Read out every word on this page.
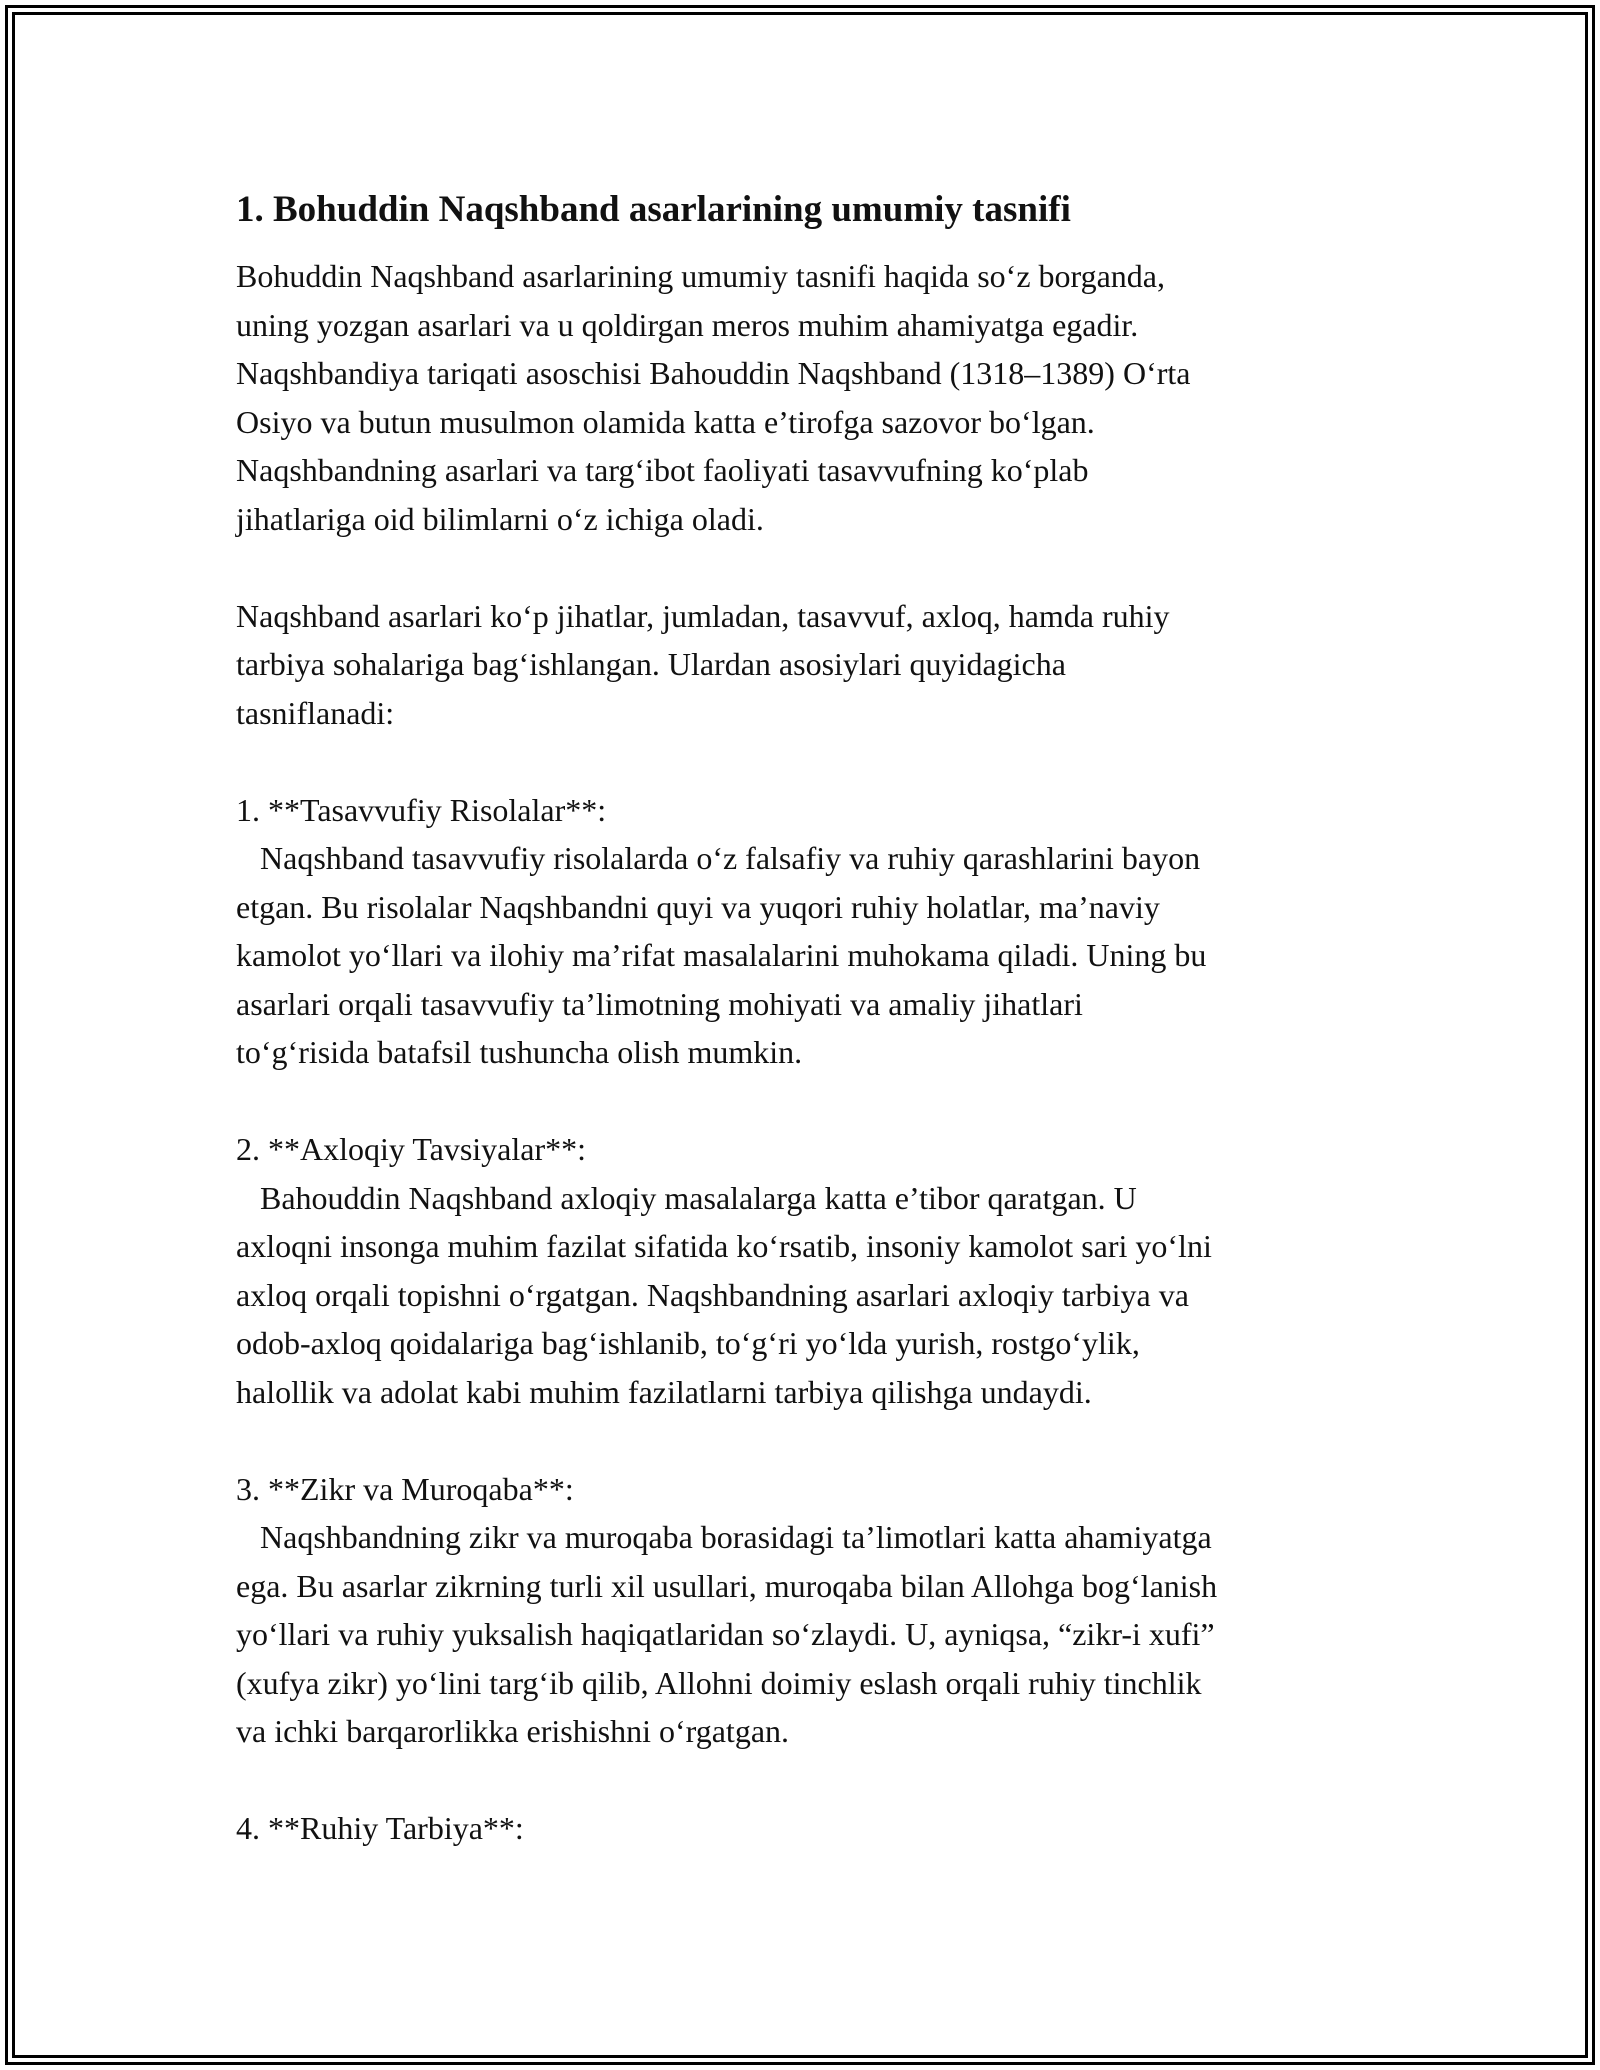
1. Bohuddin Naqshband asarlarining umumiy tasnifi

Bohuddin Naqshband asarlarining umumiy tasnifi haqida so‘z borganda,
uning yozgan asarlari va u qoldirgan meros muhim ahamiyatga egadir.
Naqshbandiya tariqati asoschisi Bahouddin Naqshband (1318–1389) O‘rta
Osiyo va butun musulmon olamida katta e’tirofga sazovor bo‘lgan.
Naqshbandning asarlari va targ‘ibot faoliyati tasavvufning ko‘plab
jihatlariga oid bilimlarni o‘z ichiga oladi.

Naqshband asarlari ko‘p jihatlar, jumladan, tasavvuf, axloq, hamda ruhiy
tarbiya sohalariga bag‘ishlangan. Ulardan asosiylari quyidagicha
tasniflanadi:

1. **Tasavvufiy Risolalar**:
Naqshband tasavvufiy risolalarda o‘z falsafiy va ruhiy qarashlarini bayon
etgan. Bu risolalar Naqshbandni quyi va yuqori ruhiy holatlar, ma’naviy
kamolot yo‘llari va ilohiy ma’rifat masalalarini muhokama qiladi. Uning bu
asarlari orqali tasavvufiy ta’limotning mohiyati va amaliy jihatlari
to‘g‘risida batafsil tushuncha olish mumkin.

2. **Axloqiy Tavsiyalar**:
Bahouddin Naqshband axloqiy masalalarga katta e’tibor qaratgan. U
axloqni insonga muhim fazilat sifatida ko‘rsatib, insoniy kamolot sari yo‘lni
axloq orqali topishni o‘rgatgan. Naqshbandning asarlari axloqiy tarbiya va
odob-axloq qoidalariga bag‘ishlanib, to‘g‘ri yo‘lda yurish, rostgo‘ylik,
halollik va adolat kabi muhim fazilatlarni tarbiya qilishga undaydi.

3. **Zikr va Muroqaba**:
Naqshbandning zikr va muroqaba borasidagi ta’limotlari katta ahamiyatga
ega. Bu asarlar zikrning turli xil usullari, muroqaba bilan Allohga bog‘lanish
yo‘llari va ruhiy yuksalish haqiqatlaridan so‘zlaydi. U, ayniqsa, “zikr-i xufi”
(xufya zikr) yo‘lini targ‘ib qilib, Allohni doimiy eslash orqali ruhiy tinchlik
va ichki barqarorlikka erishishni o‘rgatgan.

4. **Ruhiy Tarbiya**:
